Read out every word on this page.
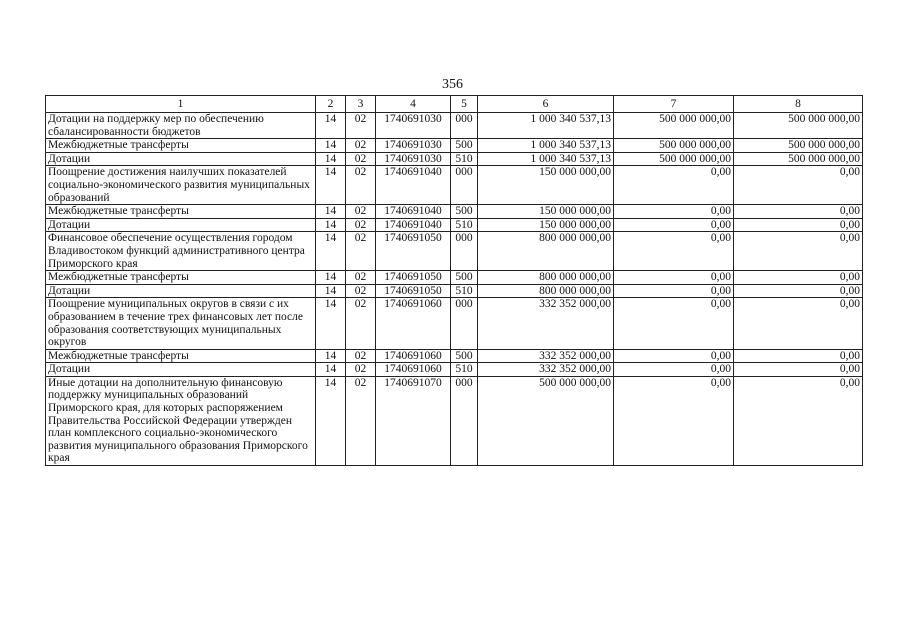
356
1	2	3	4	5	6	7	8
Дотации на поддержку мер по обеспечению сбалансированности бюджетов	14	02	1740691030	000	1 000 340 537,13	500 000 000,00	500 000 000,00
Межбюджетные трансферты	14	02	1740691030	500	1 000 340 537,13	500 000 000,00	500 000 000,00
Дотации	14	02	1740691030	510	1 000 340 537,13	500 000 000,00	500 000 000,00
Поощрение достижения наилучших показателей социально-экономического развития муниципальных образований	14	02	1740691040	000	150 000 000,00	0,00	0,00
Межбюджетные трансферты	14	02	1740691040	500	150 000 000,00	0,00	0,00
Дотации	14	02	1740691040	510	150 000 000,00	0,00	0,00
Финансовое обеспечение осуществления городом Владивостоком функций административного центра Приморского края	14	02	1740691050	000	800 000 000,00	0,00	0,00
Межбюджетные трансферты	14	02	1740691050	500	800 000 000,00	0,00	0,00
Дотации	14	02	1740691050	510	800 000 000,00	0,00	0,00
Поощрение муниципальных округов в связи с их образованием в течение трех финансовых лет после образования соответствующих муниципальных округов	14	02	1740691060	000	332 352 000,00	0,00	0,00
Межбюджетные трансферты	14	02	1740691060	500	332 352 000,00	0,00	0,00
Дотации	14	02	1740691060	510	332 352 000,00	0,00	0,00
Иные дотации на дополнительную финансовую поддержку муниципальных образований Приморского края, для которых распоряжением Правительства Российской Федерации утвержден план комплексного социально-экономического развития муниципального образования Приморского края	14	02	1740691070	000	500 000 000,00	0,00	0,00
